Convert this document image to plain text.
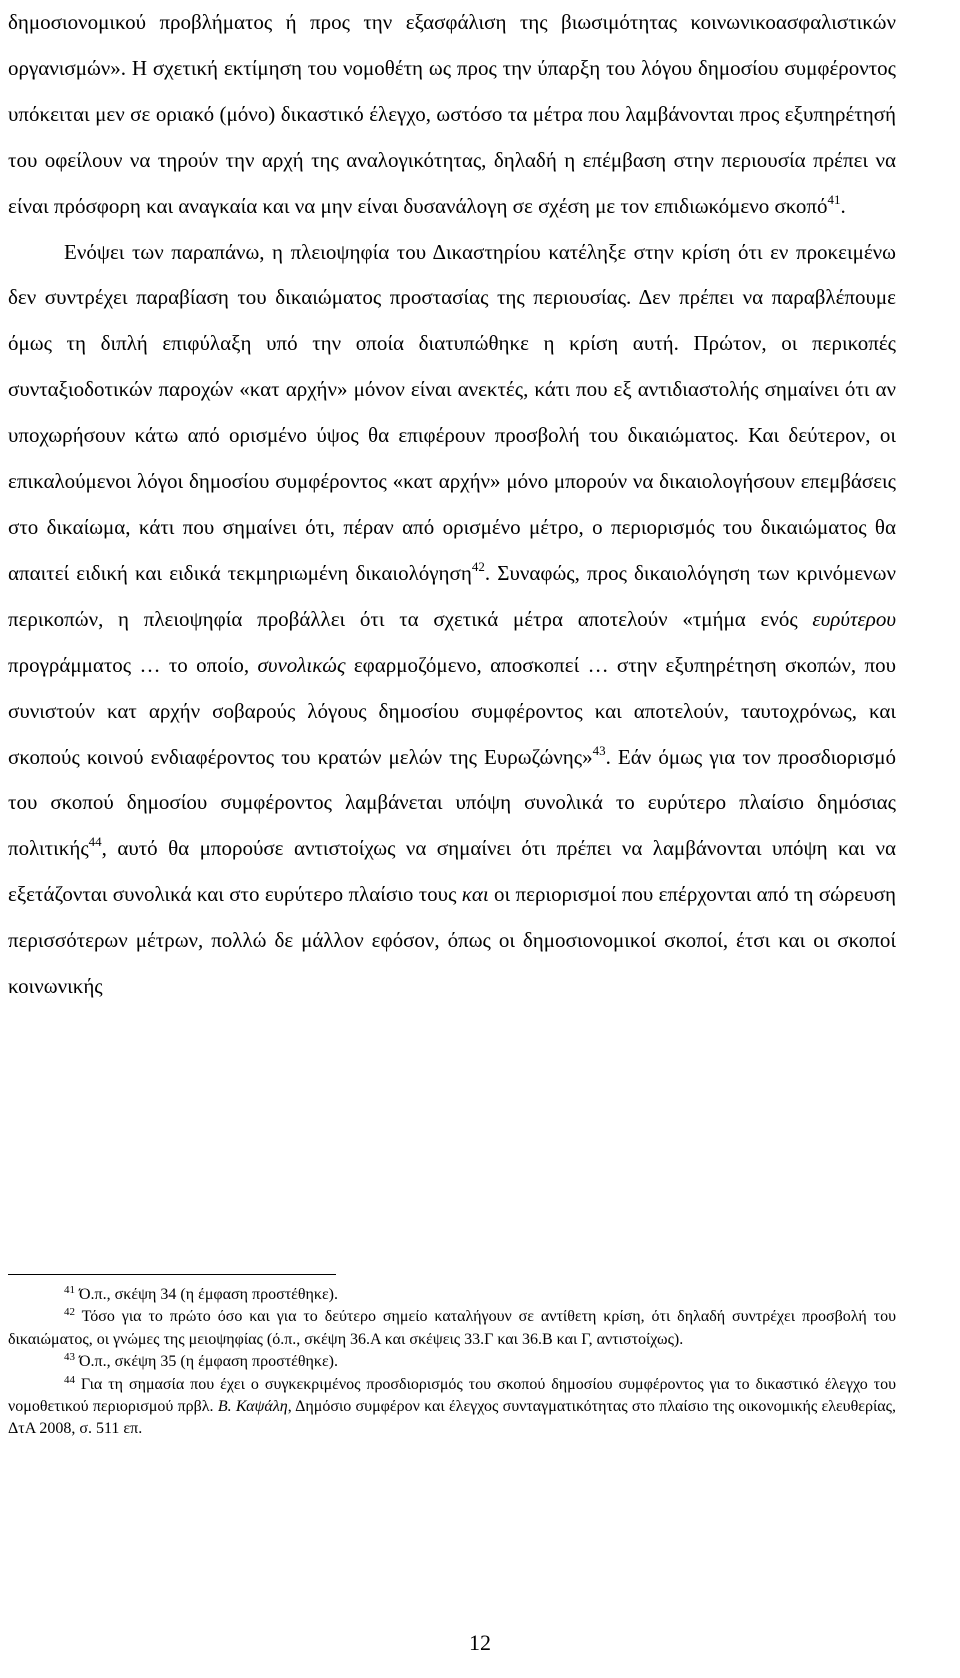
δημοσιονομικού προβλήματος ή προς την εξασφάλιση της βιωσιμότητας κοινωνικοασφαλιστικών οργανισμών». Η σχετική εκτίμηση του νομοθέτη ως προς την ύπαρξη του λόγου δημοσίου συμφέροντος υπόκειται μεν σε οριακό (μόνο) δικαστικό έλεγχο, ωστόσο τα μέτρα που λαμβάνονται προς εξυπηρέτησή του οφείλουν να τηρούν την αρχή της αναλογικότητας, δηλαδή η επέμβαση στην περιουσία πρέπει να είναι πρόσφορη και αναγκαία και να μην είναι δυσανάλογη σε σχέση με τον επιδιωκόμενο σκοπό$^{41}$.

Ενόψει των παραπάνω, η πλειοψηφία του Δικαστηρίου κατέληξε στην κρίση ότι εν προκειμένω δεν συντρέχει παραβίαση του δικαιώματος προστασίας της περιουσίας. Δεν πρέπει να παραβλέπουμε όμως τη διπλή επιφύλαξη υπό την οποία διατυπώθηκε η κρίση αυτή. Πρώτον, οι περικοπές συνταξιοδοτικών παροχών «κατ αρχήν» μόνον είναι ανεκτές, κάτι που εξ αντιδιαστολής σημαίνει ότι αν υποχωρήσουν κάτω από ορισμένο ύψος θα επιφέρουν προσβολή του δικαιώματος. Και δεύτερον, οι επικαλούμενοι λόγοι δημοσίου συμφέροντος «κατ αρχήν» μόνο μπορούν να δικαιολογήσουν επεμβάσεις στο δικαίωμα, κάτι που σημαίνει ότι, πέραν από ορισμένο μέτρο, ο περιορισμός του δικαιώματος θα απαιτεί ειδική και ειδικά τεκμηριωμένη δικαιολόγηση$^{42}$. Συναφώς, προς δικαιολόγηση των κρινόμενων περικοπών, η πλειοψηφία προβάλλει ότι τα σχετικά μέτρα αποτελούν «τμήμα ενός ευρύτερου προγράμματος … το οποίο, συνολικώς εφαρμοζόμενο, αποσκοπεί … στην εξυπηρέτηση σκοπών, που συνιστούν κατ αρχήν σοβαρούς λόγους δημοσίου συμφέροντος και αποτελούν, ταυτοχρόνως, και σκοπούς κοινού ενδιαφέροντος του κρατών μελών της Ευρωζώνης»$^{43}$. Εάν όμως για τον προσδιορισμό του σκοπού δημοσίου συμφέροντος λαμβάνεται υπόψη συνολικά το ευρύτερο πλαίσιο δημόσιας πολιτικής$^{44}$, αυτό θα μπορούσε αντιστοίχως να σημαίνει ότι πρέπει να λαμβάνονται υπόψη και να εξετάζονται συνολικά και στο ευρύτερο πλαίσιο τους και οι περιορισμοί που επέρχονται από τη σώρευση περισσότερων μέτρων, πολλώ δε μάλλον εφόσον, όπως οι δημοσιονομικοί σκοποί, έτσι και οι σκοποί κοινωνικής

$^{41}$ Ό.π., σκέψη 34 (η έμφαση προστέθηκε).

$^{42}$ Τόσο για το πρώτο όσο και για το δεύτερο σημείο καταλήγουν σε αντίθετη κρίση, ότι δηλαδή συντρέχει προσβολή του δικαιώματος, οι γνώμες της μειοψηφίας (ό.π., σκέψη 36.Α και σκέψεις 33.Γ και 36.Β και Γ, αντιστοίχως).

$^{43}$ Ό.π., σκέψη 35 (η έμφαση προστέθηκε).

$^{44}$ Για τη σημασία που έχει ο συγκεκριμένος προσδιορισμός του σκοπού δημοσίου συμφέροντος για το δικαστικό έλεγχο του νομοθετικού περιορισμού πρβλ. Β. Καψάλη, Δημόσιο συμφέρον και έλεγχος συνταγματικότητας στο πλαίσιο της οικονομικής ελευθερίας, ΔτΑ 2008, σ. 511 επ.

12
